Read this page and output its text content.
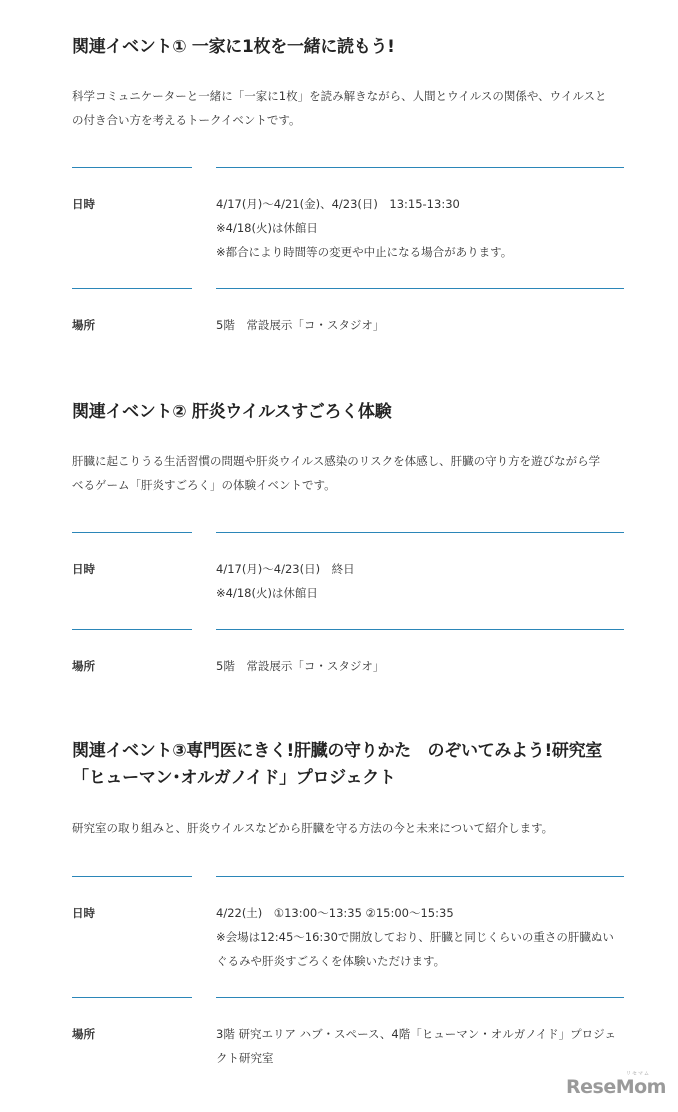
関連イベント① 一家に1枚を一緒に読もう!
科学コミュニケーターと一緒に「一家に1枚」を読み解きながら、人間とウイルスの関係や、ウイルスと
の付き合い方を考えるトークイベントです。
日時	4/17(月)〜4/21(金)、4/23(日)　13:15-13:30
※4/18(火)は休館日
※都合により時間等の変更や中止になる場合があります。
場所	5階　常設展示「コ・スタジオ」
関連イベント② 肝炎ウイルスすごろく体験
肝臓に起こりうる生活習慣の問題や肝炎ウイルス感染のリスクを体感し、肝臓の守り方を遊びながら学
べるゲーム「肝炎すごろく」の体験イベントです。
日時	4/17(月)〜4/23(日)　終日
※4/18(火)は休館日
場所	5階　常設展示「コ・スタジオ」
関連イベント③専門医にきく!肝臓の守りかた　のぞいてみよう!研究室
「ヒューマン･オルガノイド」プロジェクト
研究室の取り組みと、肝炎ウイルスなどから肝臓を守る方法の今と未来について紹介します。
日時	4/22(土)　①13:00〜13:35 ②15:00〜15:35
※会場は12:45〜16:30で開放しており、肝臓と同じくらいの重さの肝臓ぬい
ぐるみや肝炎すごろくを体験いただけます。
場所	3階 研究エリア ハブ・スペース、4階「ヒューマン・オルガノイド」プロジェ
クト研究室
リセマム
ReseMom
